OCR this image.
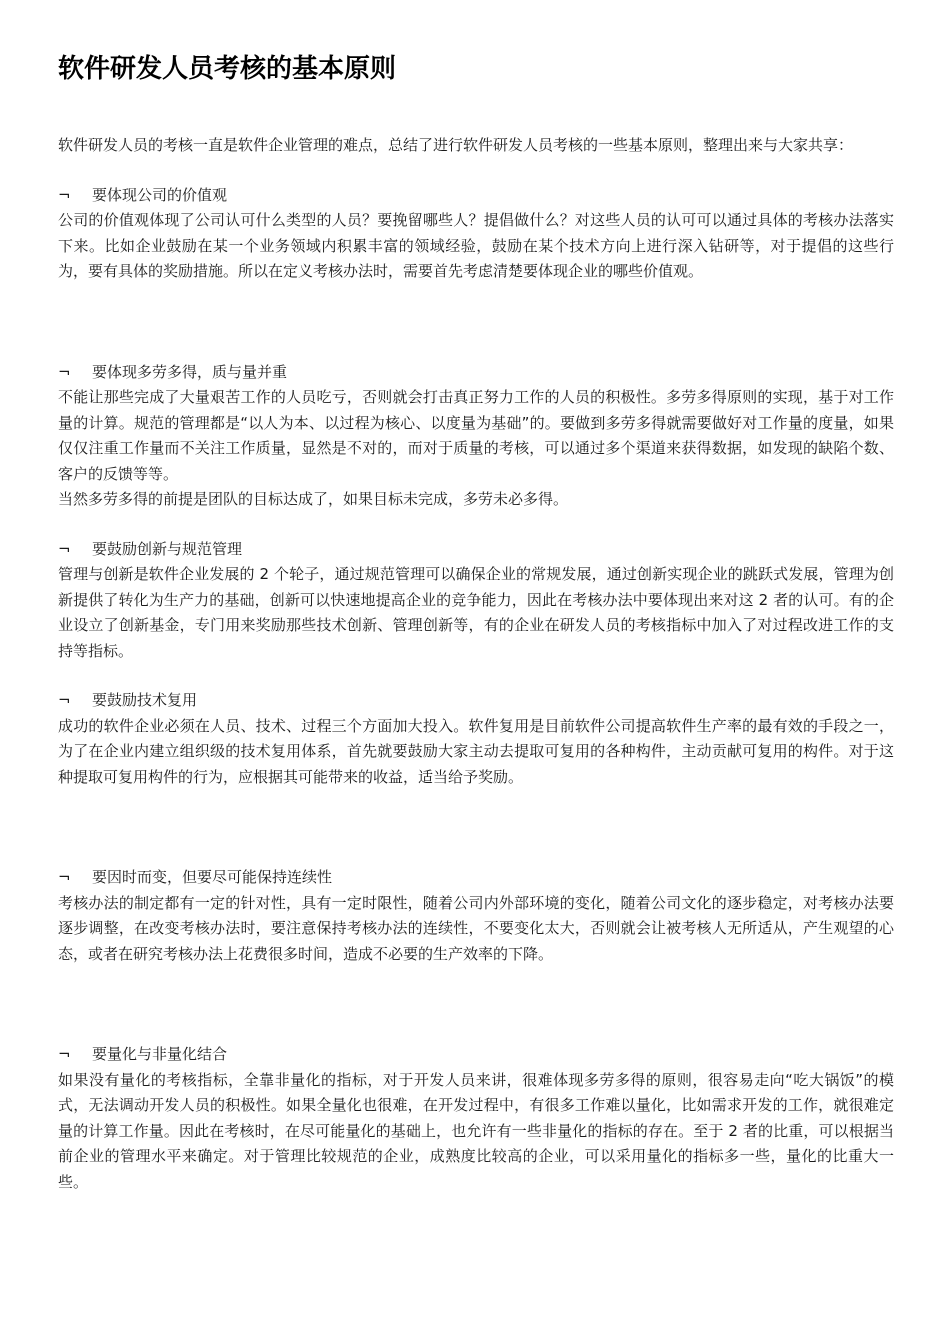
软件研发人员考核的基本原则

软件研发人员的考核一直是软件企业管理的难点，总结了进行软件研发人员考核的一些基本原则，整理出来与大家共享：

¬	要体现公司的价值观

公司的价值观体现了公司认可什么类型的人员？要挽留哪些人？提倡做什么？对这些人员的认可可以通过具体的考核办法落实下来。比如企业鼓励在某一个业务领域内积累丰富的领域经验，鼓励在某个技术方向上进行深入钻研等，对于提倡的这些行为，要有具体的奖励措施。所以在定义考核办法时，需要首先考虑清楚要体现企业的哪些价值观。

¬	要体现多劳多得，质与量并重

不能让那些完成了大量艰苦工作的人员吃亏，否则就会打击真正努力工作的人员的积极性。多劳多得原则的实现，基于对工作量的计算。规范的管理都是“以人为本、以过程为核心、以度量为基础”的。要做到多劳多得就需要做好对工作量的度量，如果仅仅注重工作量而不关注工作质量，显然是不对的，而对于质量的考核，可以通过多个渠道来获得数据，如发现的缺陷个数、客户的反馈等等。

当然多劳多得的前提是团队的目标达成了，如果目标未完成，多劳未必多得。

¬	要鼓励创新与规范管理

管理与创新是软件企业发展的 2 个轮子，通过规范管理可以确保企业的常规发展，通过创新实现企业的跳跃式发展，管理为创新提供了转化为生产力的基础，创新可以快速地提高企业的竞争能力，因此在考核办法中要体现出来对这 2 者的认可。有的企业设立了创新基金，专门用来奖励那些技术创新、管理创新等，有的企业在研发人员的考核指标中加入了对过程改进工作的支持等指标。

¬	要鼓励技术复用

成功的软件企业必须在人员、技术、过程三个方面加大投入。软件复用是目前软件公司提高软件生产率的最有效的手段之一，为了在企业内建立组织级的技术复用体系，首先就要鼓励大家主动去提取可复用的各种构件，主动贡献可复用的构件。对于这种提取可复用构件的行为，应根据其可能带来的收益，适当给予奖励。

¬	要因时而变，但要尽可能保持连续性

考核办法的制定都有一定的针对性，具有一定时限性，随着公司内外部环境的变化，随着公司文化的逐步稳定，对考核办法要逐步调整，在改变考核办法时，要注意保持考核办法的连续性，不要变化太大，否则就会让被考核人无所适从，产生观望的心态，或者在研究考核办法上花费很多时间，造成不必要的生产效率的下降。

¬	要量化与非量化结合

如果没有量化的考核指标，全靠非量化的指标，对于开发人员来讲，很难体现多劳多得的原则，很容易走向“吃大锅饭”的模式，无法调动开发人员的积极性。如果全量化也很难，在开发过程中，有很多工作难以量化，比如需求开发的工作，就很难定量的计算工作量。因此在考核时，在尽可能量化的基础上，也允许有一些非量化的指标的存在。至于 2 者的比重，可以根据当前企业的管理水平来确定。对于管理比较规范的企业，成熟度比较高的企业，可以采用量化的指标多一些，量化的比重大一些。
